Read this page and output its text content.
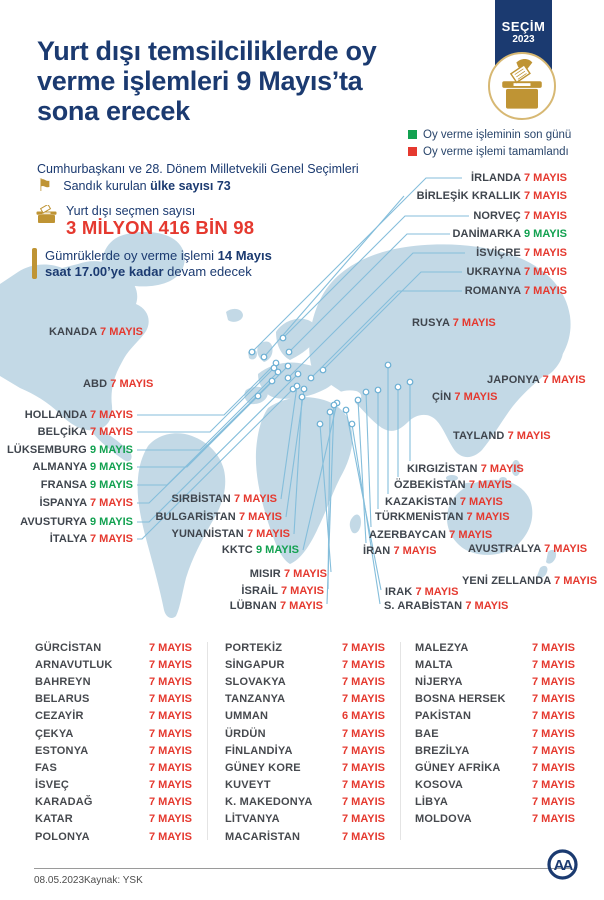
KANADA 7 MAYIS
ABD 7 MAYIS
HOLLANDA 7 MAYIS
BELÇİKA 7 MAYIS
LÜKSEMBURG 9 MAYIS
ALMANYA 9 MAYIS
FRANSA 9 MAYIS
İSPANYA 7 MAYIS
AVUSTURYA 9 MAYIS
İTALYA 7 MAYIS
İRLANDA 7 MAYIS
BİRLEŞİK KRALLIK 7 MAYIS
NORVEÇ 7 MAYIS
DANİMARKA 9 MAYIS
İSVİÇRE 7 MAYIS
UKRAYNA 7 MAYIS
ROMANYA 7 MAYIS
RUSYA 7 MAYIS
JAPONYA 7 MAYIS
ÇİN 7 MAYIS
TAYLAND 7 MAYIS
SIRBİSTAN 7 MAYIS
BULGARİSTAN 7 MAYIS
YUNANİSTAN 7 MAYIS
KKTC 9 MAYIS
MISIR 7 MAYIS
İSRAİL 7 MAYIS
LÜBNAN 7 MAYIS
KIRGIZİSTAN 7 MAYIS
ÖZBEKİSTAN 7 MAYIS
KAZAKİSTAN 7 MAYIS
TÜRKMENİSTAN 7 MAYIS
AZERBAYCAN 7 MAYIS
İRAN 7 MAYIS	AVUSTRALYA 7 MAYIS
YENİ ZELLANDA 7 MAYIS
IRAK 7 MAYIS
S. ARABİSTAN 7 MAYIS
Yurt dışı temsilciliklerde oy
verme işlemleri 9 Mayıs’ta
sona erecek
Cumhurbaşkanı ve 28. Dönem Milletvekili Genel Seçimleri
SEÇİM
2023
Oy verme işleminin son günü
Oy verme işlemi tamamlandı
⚑ Sandık kurulan ülke sayısı 73
Yurt dışı seçmen sayısı
3 MİLYON 416 BİN 98
Gümrüklerde oy verme işlemi 14 Mayıs
saat 17.00’ye kadar devam edecek
GÜRCİSTAN	7 MAYIS
ARNAVUTLUK	7 MAYIS
BAHREYN	7 MAYIS
BELARUS	7 MAYIS
CEZAYİR	7 MAYIS
ÇEKYA	7 MAYIS
ESTONYA	7 MAYIS
FAS	7 MAYIS
İSVEÇ	7 MAYIS
KARADAĞ	7 MAYIS
KATAR	7 MAYIS
POLONYA	7 MAYIS
PORTEKİZ	7 MAYIS
SİNGAPUR	7 MAYIS
SLOVAKYA	7 MAYIS
TANZANYA	7 MAYIS
UMMAN	6 MAYIS
ÜRDÜN	7 MAYIS
FİNLANDİYA	7 MAYIS
GÜNEY KORE	7 MAYIS
KUVEYT	7 MAYIS
K. MAKEDONYA	7 MAYIS
LİTVANYA	7 MAYIS
MACARİSTAN	7 MAYIS
MALEZYA	7 MAYIS
MALTA	7 MAYIS
NİJERYA	7 MAYIS
BOSNA HERSEK 7 MAYIS
PAKİSTAN	7 MAYIS
BAE	7 MAYIS
BREZİLYA	7 MAYIS
GÜNEY AFRİKA	7 MAYIS
KOSOVA	7 MAYIS
LİBYA	7 MAYIS
MOLDOVA	7 MAYIS
08.05.2023 Kaynak: YSK
AA
